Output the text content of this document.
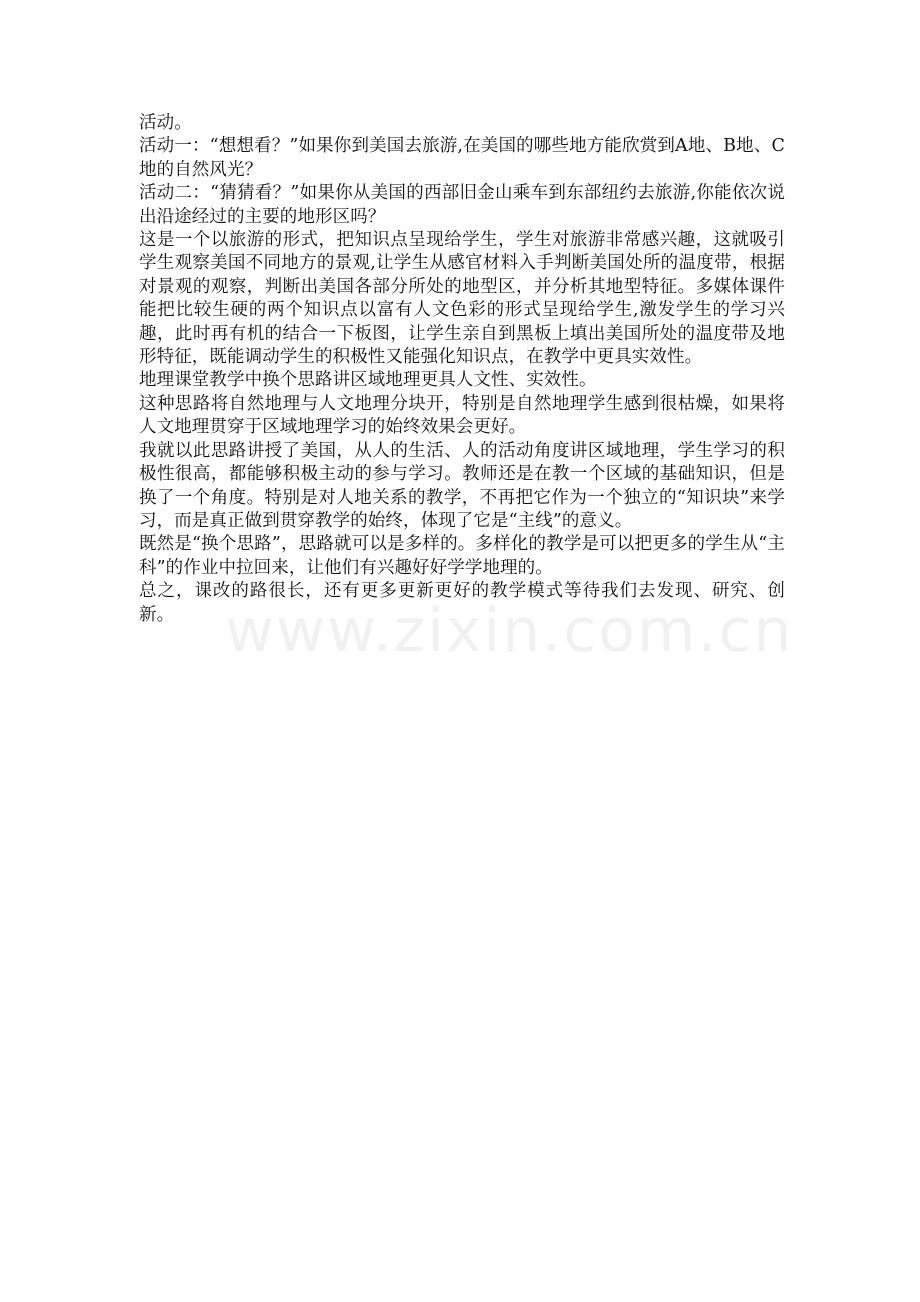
www.zixin.com.cn

活动。

活动一：“想想看？”如果你到美国去旅游,在美国的哪些地方能欣赏到A地、B地、C地的自然风光？

活动二：“猜猜看？”如果你从美国的西部旧金山乘车到东部纽约去旅游,你能依次说出沿途经过的主要的地形区吗？

这是一个以旅游的形式，把知识点呈现给学生，学生对旅游非常感兴趣，这就吸引学生观察美国不同地方的景观,让学生从感官材料入手判断美国处所的温度带，根据对景观的观察，判断出美国各部分所处的地型区，并分析其地型特征。多媒体课件能把比较生硬的两个知识点以富有人文色彩的形式呈现给学生,激发学生的学习兴趣，此时再有机的结合一下板图，让学生亲自到黑板上填出美国所处的温度带及地形特征，既能调动学生的积极性又能强化知识点，在教学中更具实效性。

地理课堂教学中换个思路讲区域地理更具人文性、实效性。

这种思路将自然地理与人文地理分块开，特别是自然地理学生感到很枯燥，如果将人文地理贯穿于区域地理学习的始终效果会更好。

我就以此思路讲授了美国，从人的生活、人的活动角度讲区域地理，学生学习的积极性很高，都能够积极主动的参与学习。教师还是在教一个区域的基础知识，但是换了一个角度。特别是对人地关系的教学，不再把它作为一个独立的“知识块”来学习，而是真正做到贯穿教学的始终，体现了它是“主线”的意义。

既然是“换个思路”，思路就可以是多样的。多样化的教学是可以把更多的学生从“主科”的作业中拉回来，让他们有兴趣好好学学地理的。

总之，课改的路很长，还有更多更新更好的教学模式等待我们去发现、研究、创新。
